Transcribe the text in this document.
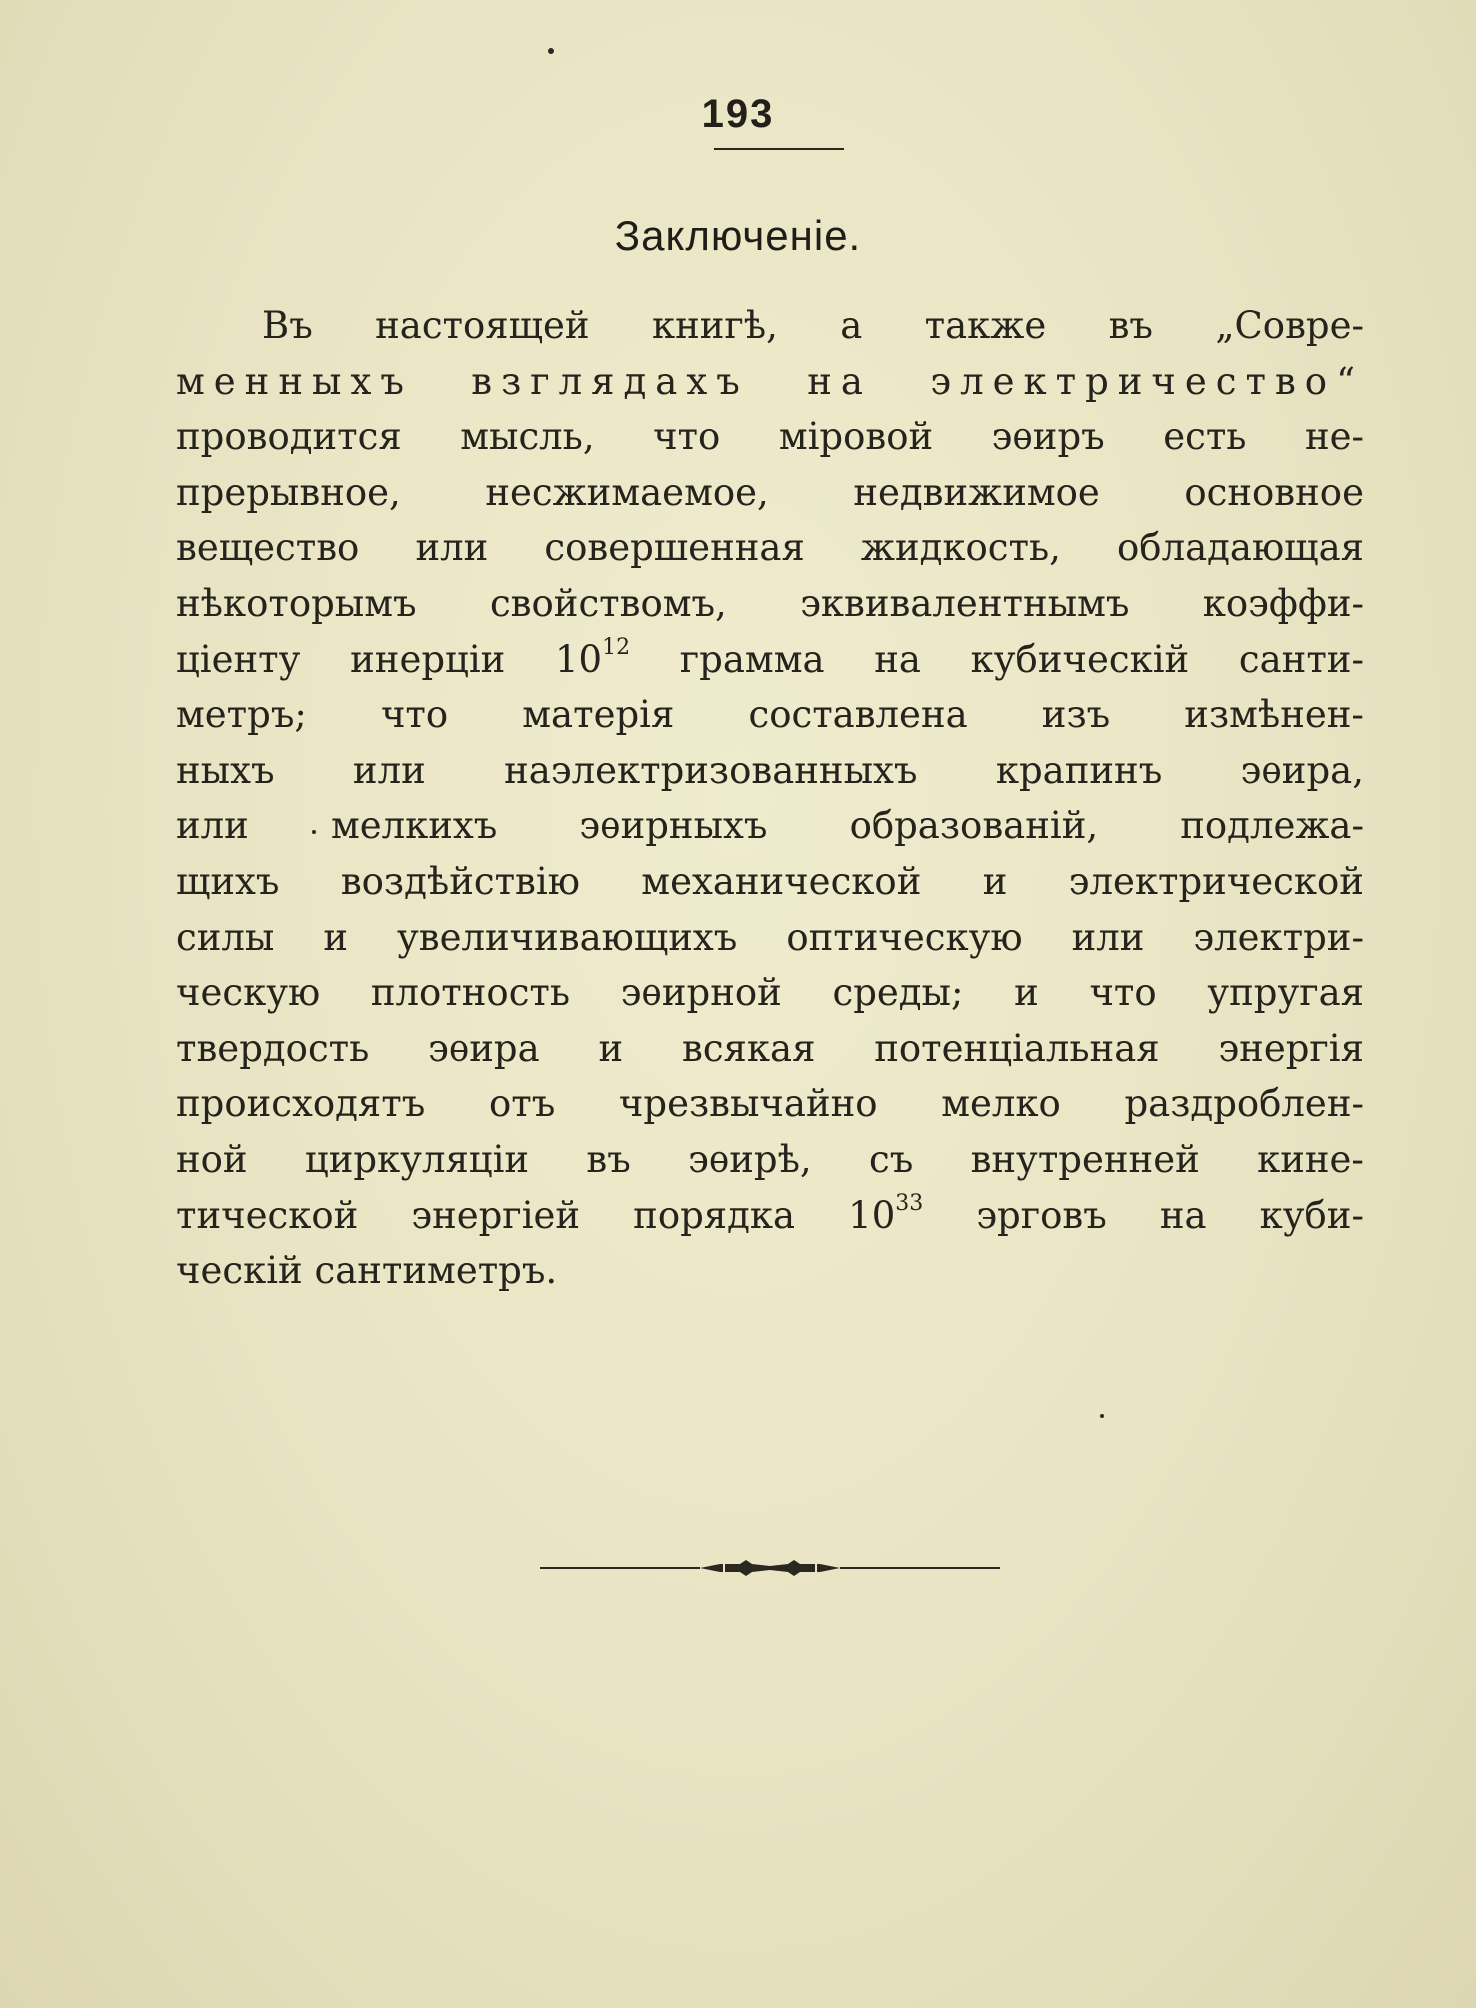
193
Заключеніе.
Въ настоящей книгѣ, а также въ „Совре-
менныхъ взглядахъ на электричество“
проводится мысль, что міровой эѳиръ есть не-
прерывное, несжимаемое, недвижимое основное
вещество или совершенная жидкость, обладающая
нѣкоторымъ свойствомъ, эквивалентнымъ коэффи-
ціенту инерціи $10^{12}$ грамма на кубическій санти-
метръ; что матерія составлена изъ измѣнен-
ныхъ или наэлектризованныхъ крапинъ эѳира,
или мелкихъ эѳирныхъ образованій, подлежа-
щихъ воздѣйствію механической и электрической
силы и увеличивающихъ оптическую или электри-
ческую плотность эѳирной среды; и что упругая
твердость эѳира и всякая потенціальная энергія
происходятъ отъ чрезвычайно мелко раздроблен-
ной циркуляціи въ эѳирѣ, съ внутренней кине-
тической энергіей порядка $10^{33}$ эрговъ на куби-
ческій
сантиметръ.
